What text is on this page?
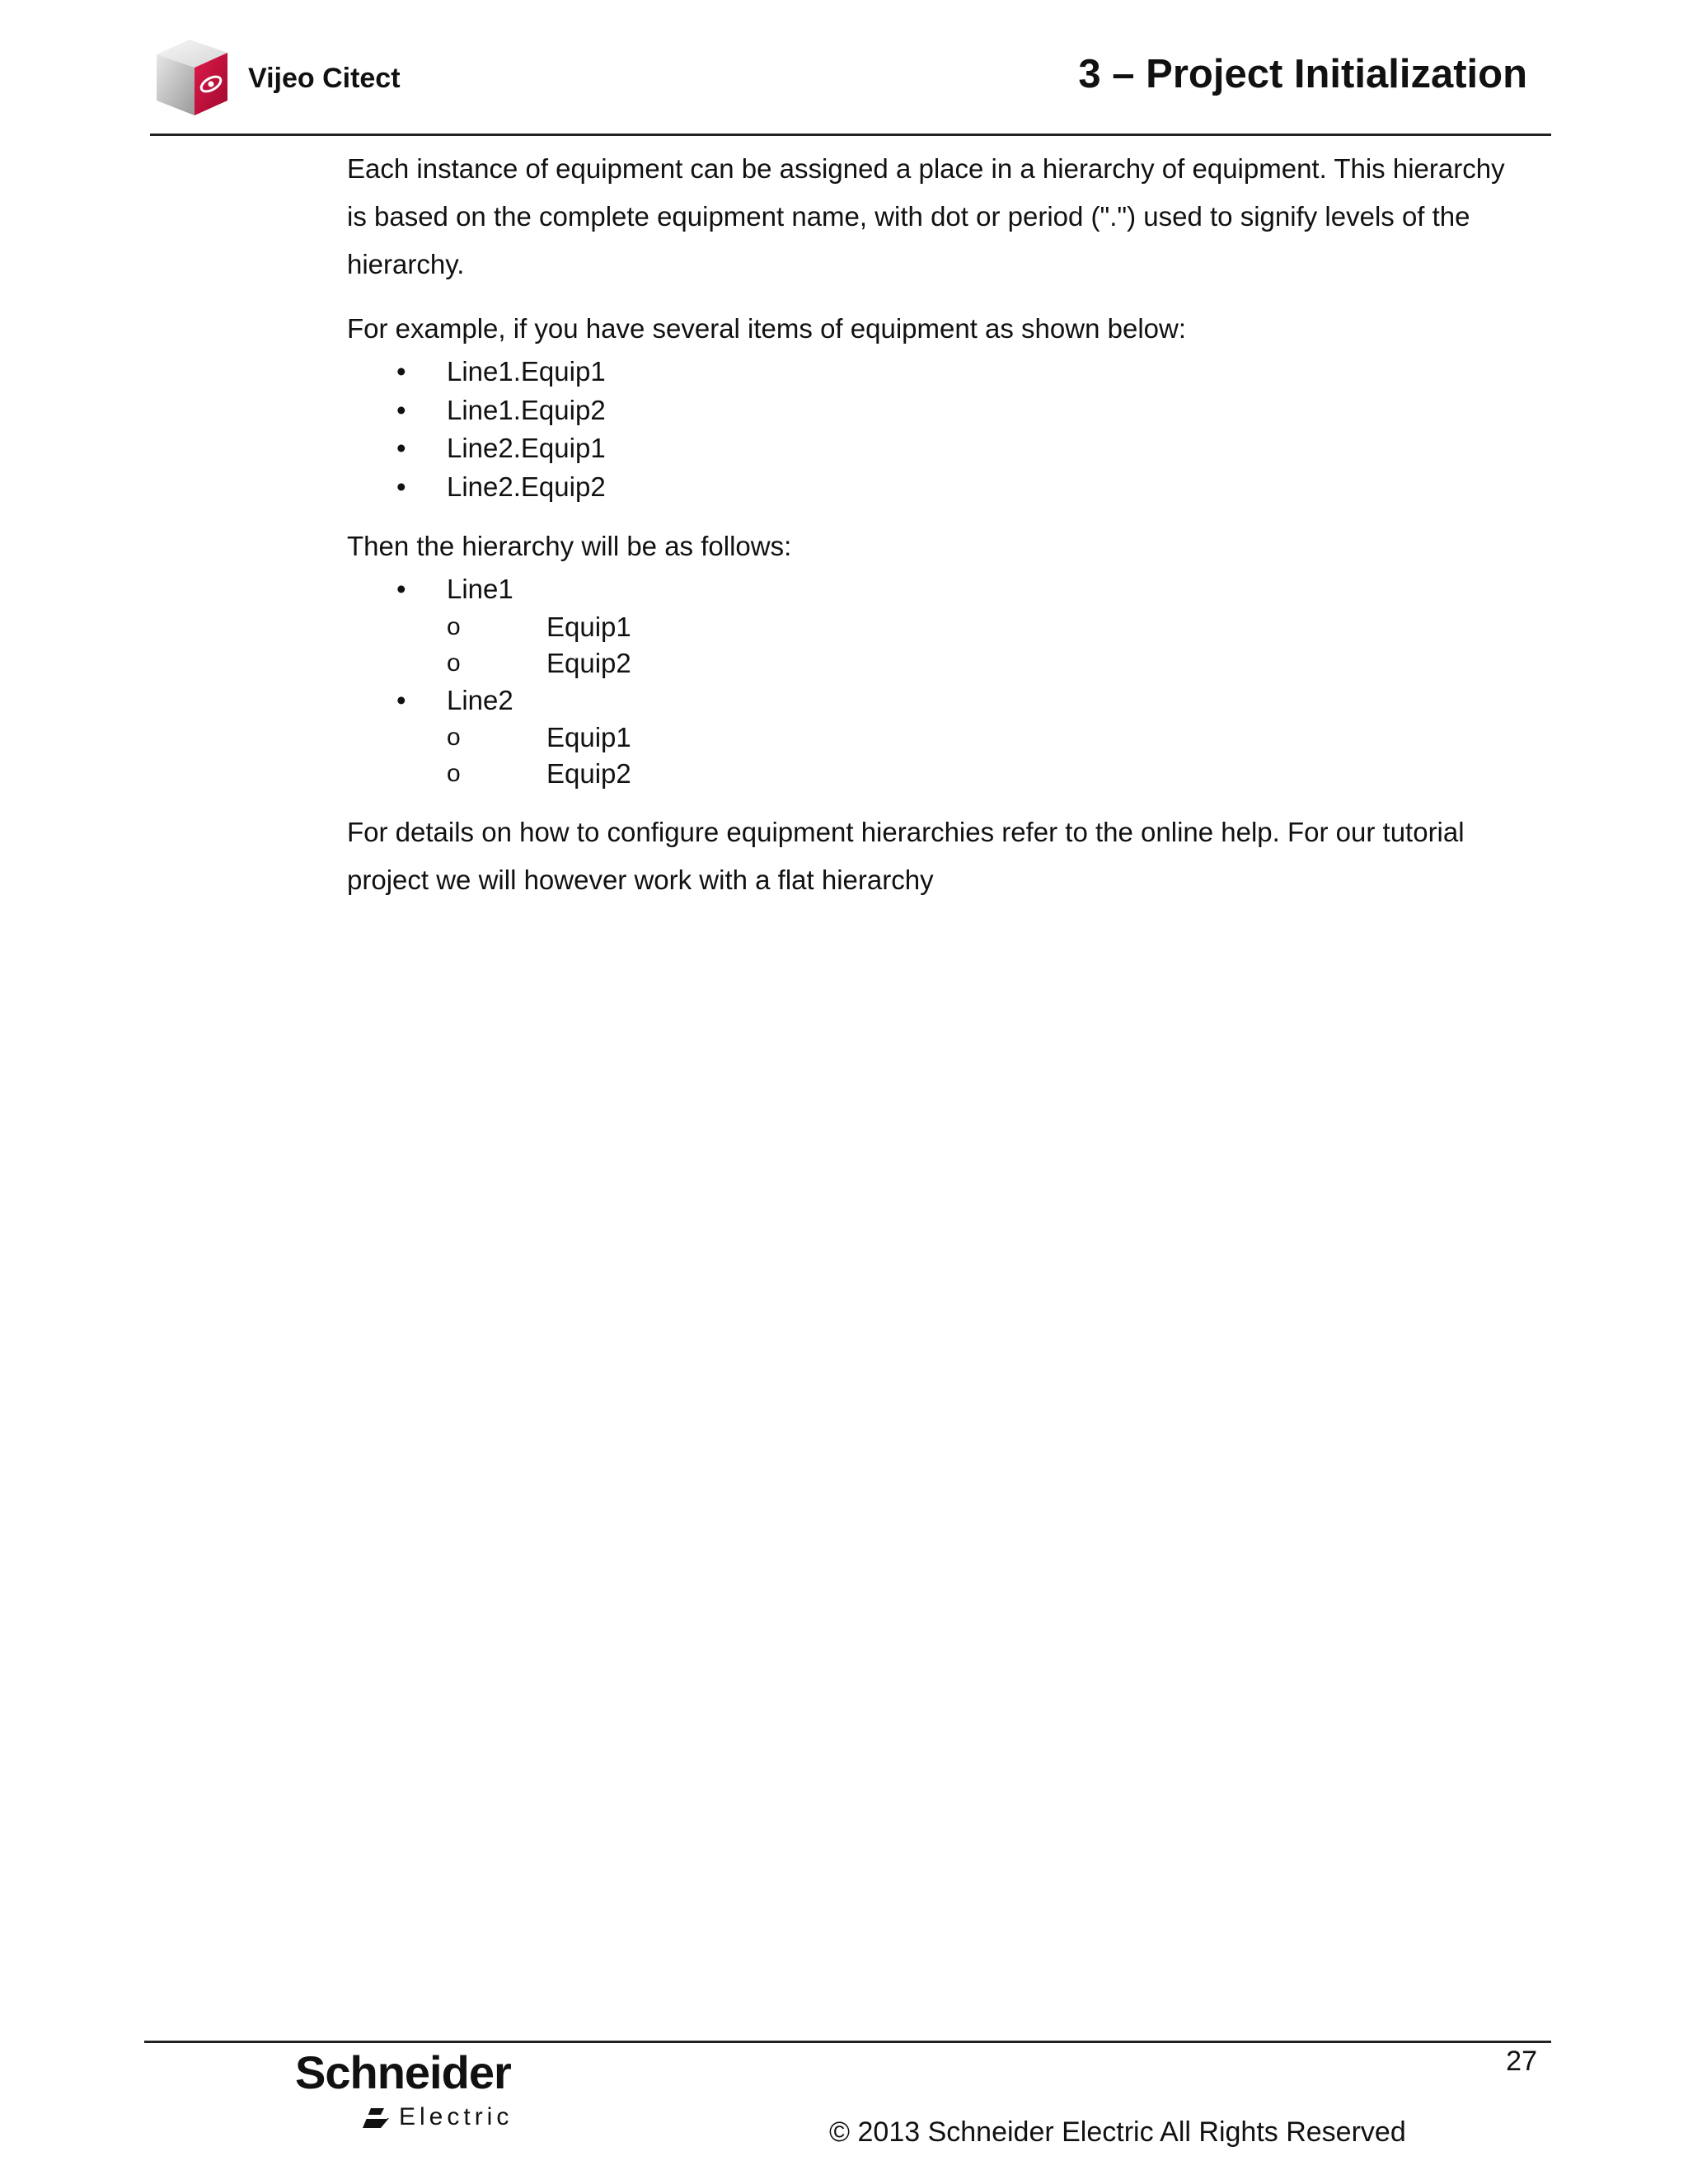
Vijeo Citect	3 – Project Initialization

Each instance of equipment can be assigned a place in a hierarchy of equipment. This hierarchy
is based on the complete equipment name, with dot or period (".") used to signify levels of the
hierarchy.

For example, if you have several items of equipment as shown below:

• Line1.Equip1
• Line1.Equip2
• Line2.Equip1
• Line2.Equip2

Then the hierarchy will be as follows:

• Line1
o	Equip1
o	Equip2
• Line2
o	Equip1
o	Equip2

For details on how to configure equipment hierarchies refer to the online help. For our tutorial
project we will however work with a flat hierarchy

27
Schneider
Electric	© 2013 Schneider Electric All Rights Reserved
